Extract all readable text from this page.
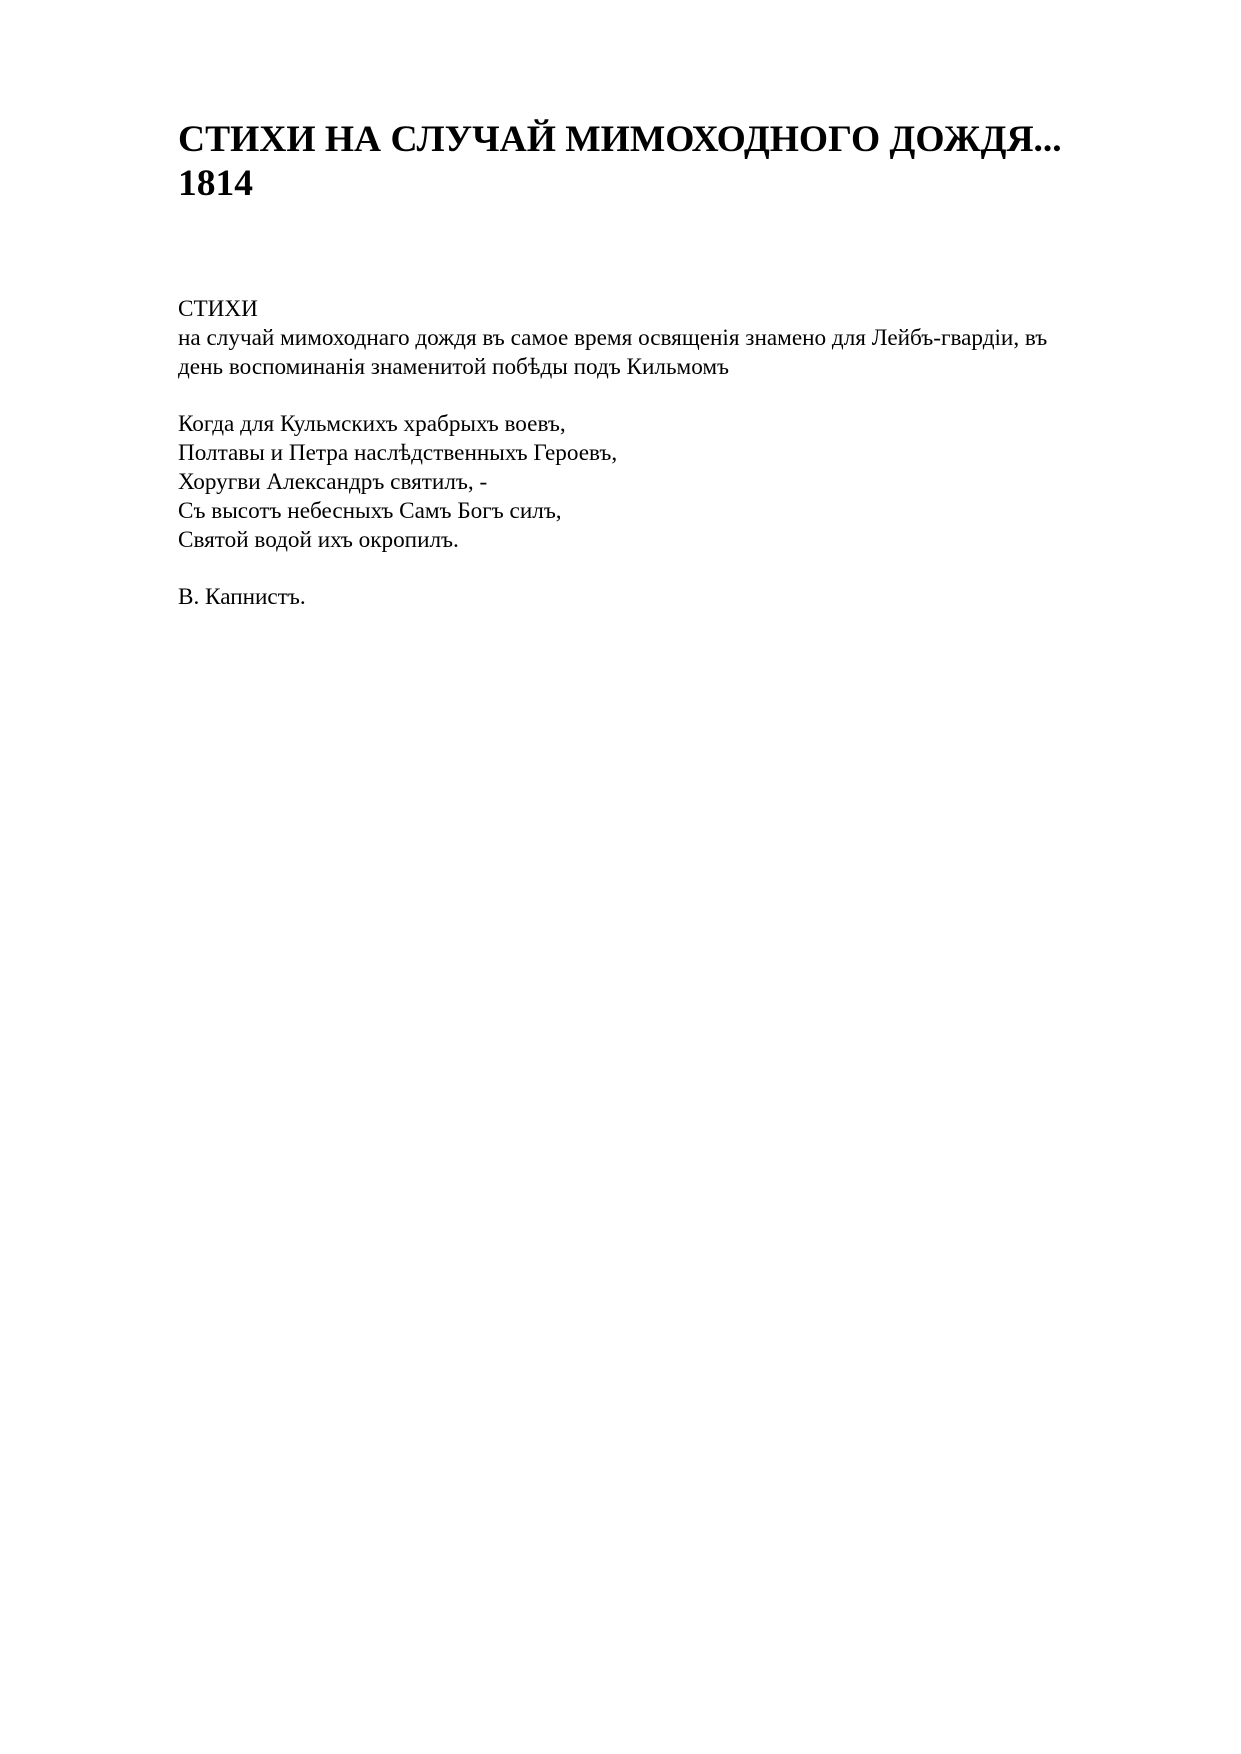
СТИХИ НА СЛУЧАЙ МИМОХОДНОГО ДОЖДЯ...
1814
СТИХИ
на случай мимоходнаго дождя въ самое время освященія знамено для Лейбъ-гвардіи, въ
день воспоминанія знаменитой побѣды подъ Кильмомъ
Когда для Кульмскихъ храбрыхъ воевъ,
Полтавы и Петра наслѣдственныхъ Героевъ,
Хоругви Александръ святилъ, -
Съ высотъ небесныхъ Самъ Богъ силъ,
Святой водой ихъ окропилъ.
В. Капнистъ.
